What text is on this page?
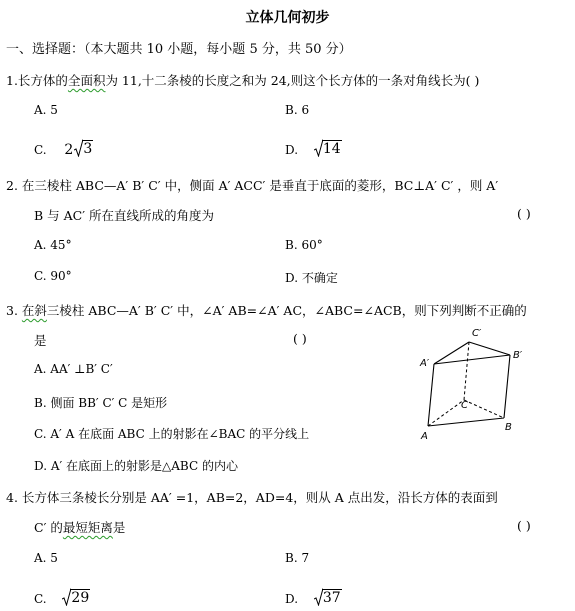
立体几何初步
一、选择题：（本大题共 10 小题，每小题 5 分，共 50 分）
1.长方体的全面积为 11,十二条棱的长度之和为 24,则这个长方体的一条对角线长为( )
A. 5	B. 6
C. 2 3	D. 14
2. 在三棱柱 ABC—A′ B′ C′ 中，侧面 A′ ACC′ 是垂直于底面的菱形，BC⊥A′ C′ ，则 A′
B 与 AC′ 所在直线所成的角度为	( )
A. 45°	B. 60°
C. 90°	D. 不确定
3. 在斜三棱柱 ABC—A′ B′ C′ 中，∠A′ AB=∠A′ AC，∠ABC=∠ACB，则下列判断不正确的
是	( )
A. AA′ ⊥B′ C′
B. 侧面 BB′ C′ C 是矩形
C. A′ A 在底面 ABC 上的射影在∠BAC 的平分线上
D. A′ 在底面上的射影是△ABC 的内心
C′
A′
B′
C
A
B
4. 长方体三条棱长分别是 AA′ =1，AB=2，AD=4，则从 A 点出发，沿长方体的表面到
C′ 的最短矩离是	( )
A. 5	B. 7
C. 29	D. 37
